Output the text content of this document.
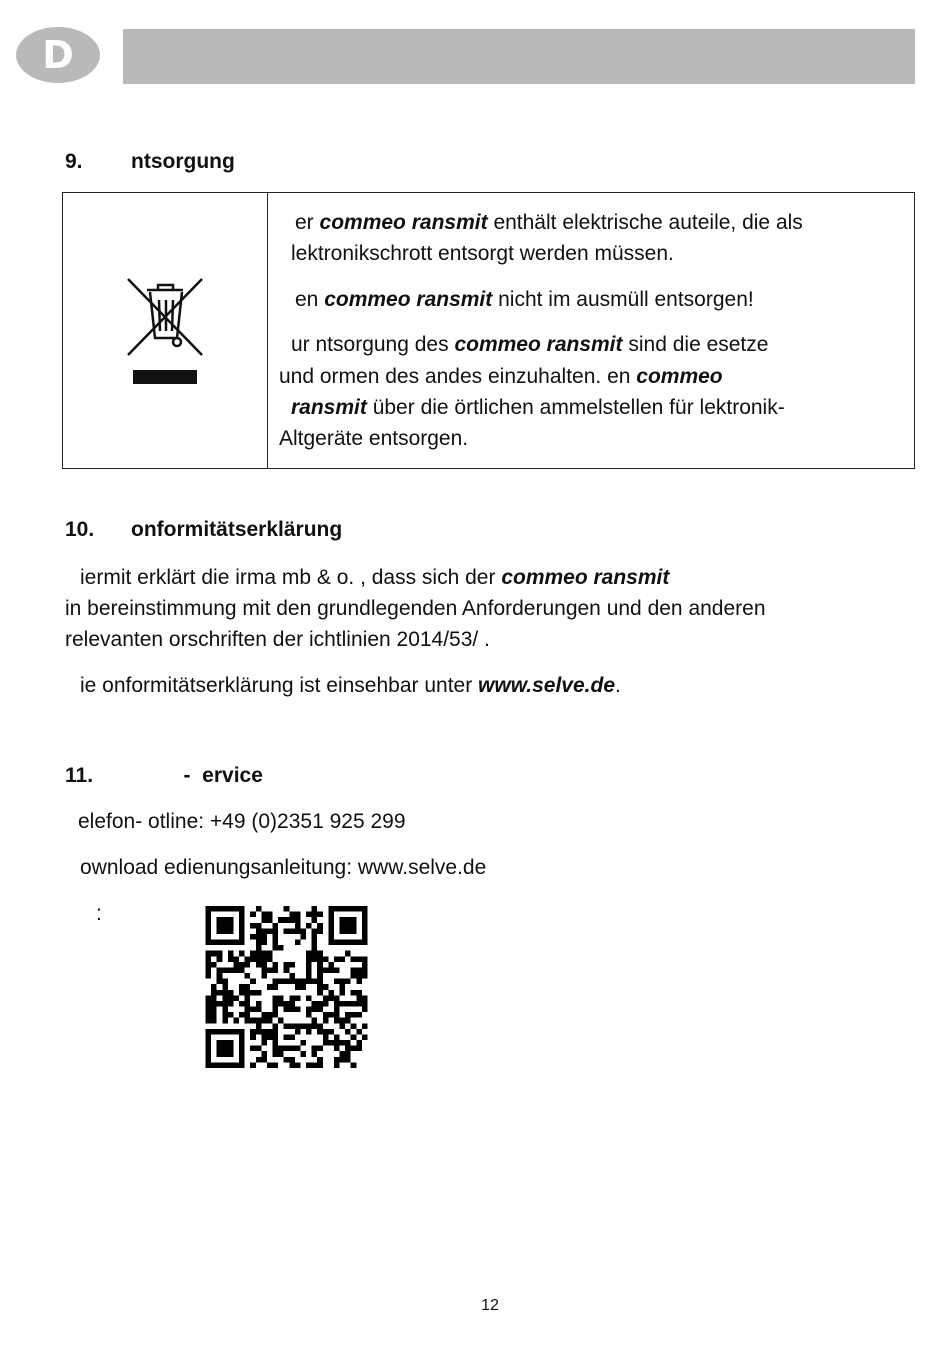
D
9. ntsorgung

er commeo ransmit enthält elektrische auteile, die als

lektronikschrott entsorgt werden müssen.

en commeo ransmit nicht im ausmüll entsorgen!

ur ntsorgung des commeo ransmit sind die esetze

und ormen des andes einzuhalten. en commeo

ransmit über die örtlichen ammelstellen für lektronik-

Altgeräte entsorgen.

10. onformitätserklärung

iermit erklärt die irma mb & o. , dass sich der commeo ransmit

in bereinstimmung mit den grundlegenden Anforderungen und den anderen

relevanten orschriften der ichtlinien 2014/53/ .

ie onformitätserklärung ist einsehbar unter www.selve.de.

11.         -  ervice

elefon- otline: +49 (0)2351 925 299

ownload edienungsanleitung: www.selve.de

:

12
